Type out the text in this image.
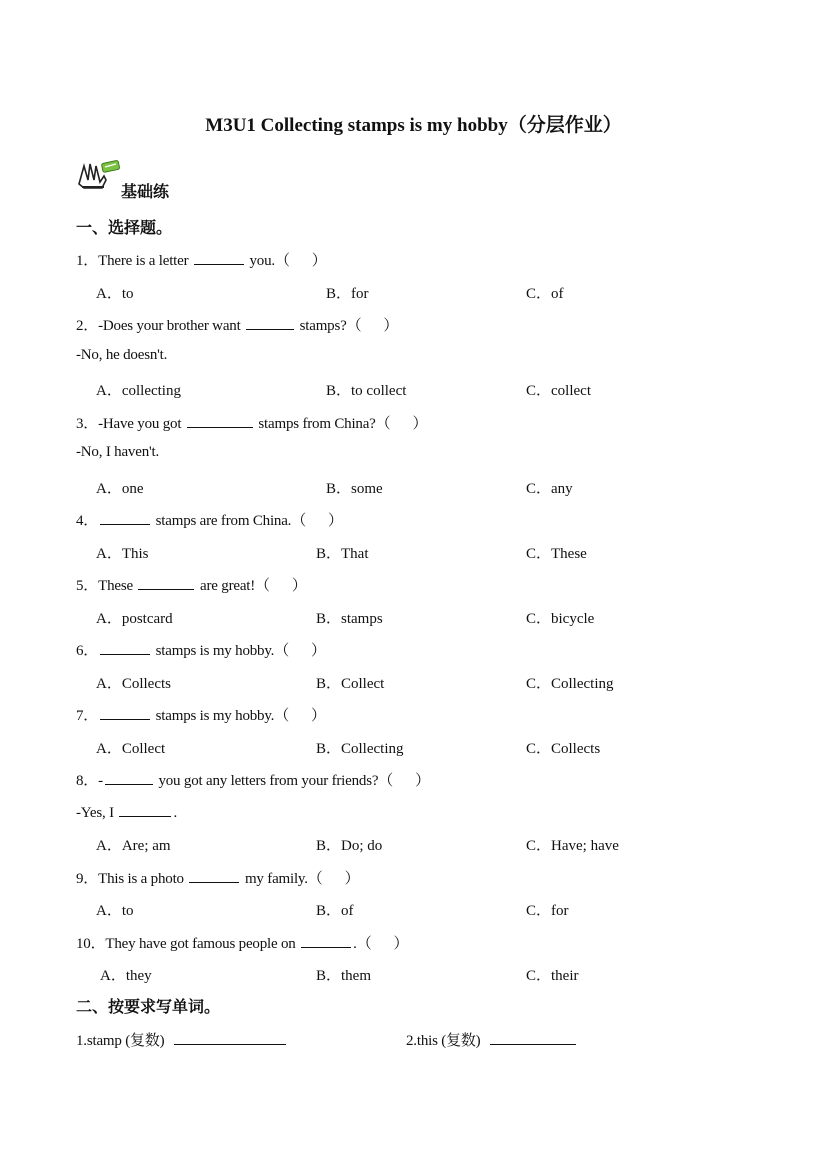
M3U1 Collecting stamps is my hobby（分层作业）
基础练
一、选择题。
1．There is a letter	you.（ ）
A．to	B．for	C．of
2．-Does your brother want	stamps?（ ）
-No, he doesn't.
A．collecting	B．to collect	C．collect
3．-Have you got	stamps from China?（ ）
-No, I haven't.
A．one	B．some	C．any
4．	stamps are from China.（ ）
A．This	B．That	C．These
5．These	are great!（ ）
A．postcard	B．stamps	C．bicycle
6．	stamps is my hobby.（ ）
A．Collects	B．Collect	C．Collecting
7．	stamps is my hobby.（ ）
A．Collect	B．Collecting	C．Collects
8．-	you got any letters from your friends?（ ）
-Yes, I	.
A．Are; am	B．Do; do	C．Have; have
9．This is a photo	my family.（ ）
A．to	B．of	C．for
10．They have got famous people on	.（ ）
A．they	B．them	C．their
二、按要求写单词。
1.stamp (复数)	2.this (复数)
